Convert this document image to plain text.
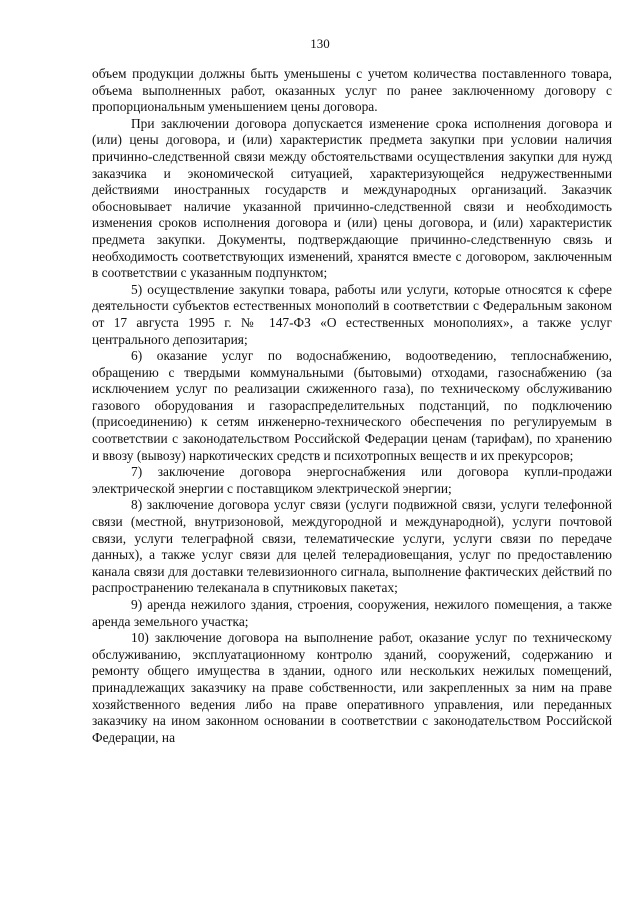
130

объем продукции должны быть уменьшены с учетом количества поставленного товара, объема выполненных работ, оказанных услуг по ранее заключенному договору с пропорциональным уменьшением цены договора.

При заключении договора допускается изменение срока исполнения договора и (или) цены договора, и (или) характеристик предмета закупки при условии наличия причинно-следственной связи между обстоятельствами осуществления закупки для нужд заказчика и экономической ситуацией, характеризующейся недружественными действиями иностранных государств и международных организаций. Заказчик обосновывает наличие указанной причинно-следственной связи и необходимость изменения сроков исполнения договора и (или) цены договора, и (или) характеристик предмета закупки. Документы, подтверждающие причинно-следственную связь и необходимость соответствующих изменений, хранятся вместе с договором, заключенным в соответствии с указанным подпунктом;

5) осуществление закупки товара, работы или услуги, которые относятся к сфере деятельности субъектов естественных монополий в соответствии с Федеральным законом от 17 августа 1995 г. № 147-ФЗ «О естественных монополиях», а также услуг центрального депозитария;

6) оказание услуг по водоснабжению, водоотведению, теплоснабжению, обращению с твердыми коммунальными (бытовыми) отходами, газоснабжению (за исключением услуг по реализации сжиженного газа), по техническому обслуживанию газового оборудования и газораспределительных подстанций, по подключению (присоединению) к сетям инженерно-технического обеспечения по регулируемым в соответствии с законодательством Российской Федерации ценам (тарифам), по хранению и ввозу (вывозу) наркотических средств и психотропных веществ и их прекурсоров;

7) заключение договора энергоснабжения или договора купли-продажи электрической энергии с поставщиком электрической энергии;

8) заключение договора услуг связи (услуги подвижной связи, услуги телефонной связи (местной, внутризоновой, междугородной и международной), услуги почтовой связи, услуги телеграфной связи, телематические услуги, услуги связи по передаче данных), а также услуг связи для целей телерадиовещания, услуг по предоставлению канала связи для доставки телевизионного сигнала, выполнение фактических действий по распространению телеканала в спутниковых пакетах;

9) аренда нежилого здания, строения, сооружения, нежилого помещения, а также аренда земельного участка;

10) заключение договора на выполнение работ, оказание услуг по техническому обслуживанию, эксплуатационному контролю зданий, сооружений, содержанию и ремонту общего имущества в здании, одного или нескольких нежилых помещений, принадлежащих заказчику на праве собственности, или закрепленных за ним на праве хозяйственного ведения либо на праве оперативного управления, или переданных заказчику на ином законном основании в соответствии с законодательством Российской Федерации, на
